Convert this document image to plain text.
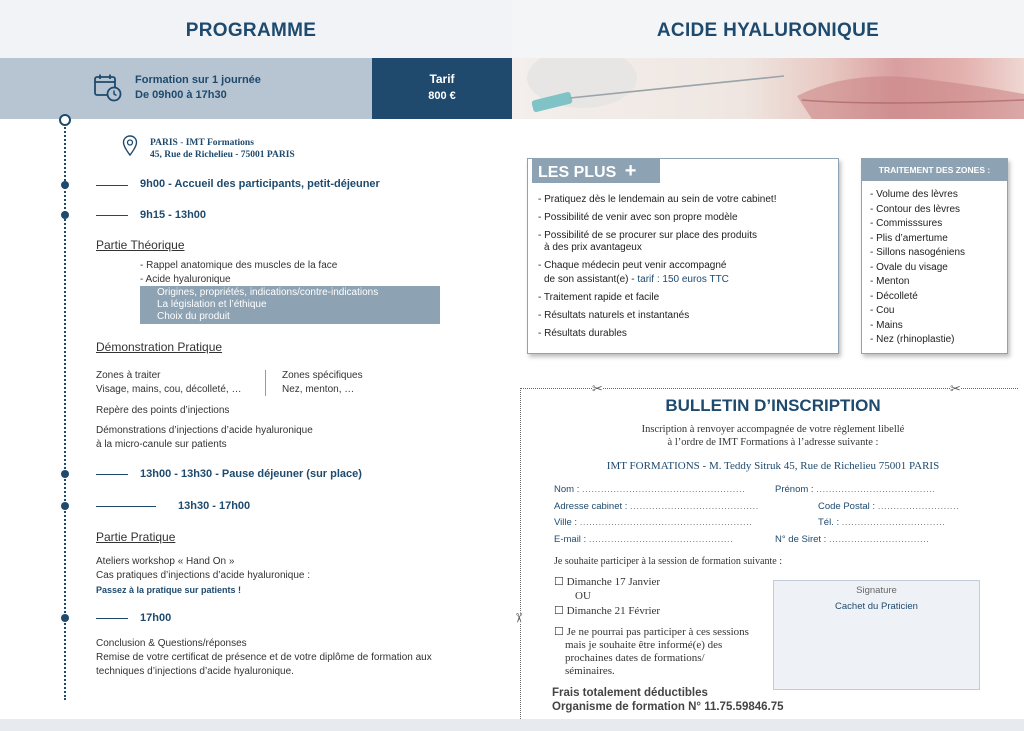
PROGRAMME	ACIDE HYALURONIQUE
Formation sur 1 journée
De 09h00 à 17h30
Tarif
800 €
PARIS - IMT Formations
45, Rue de Richelieu - 75001 PARIS
9h00 - Accueil des participants, petit-déjeuner
9h15 - 13h00
Partie Théorique
- Rappel anatomique des muscles de la face
- Acide hyaluronique
Origines, propriétés, indications/contre-indications
La législation et l’éthique
Choix du produit
Démonstration Pratique
Zones à traiter
Visage, mains, cou, décolleté, …
Zones spécifiques
Nez, menton, …
Repère des points d’injections
Démonstrations d’injections d’acide hyaluronique
à la micro-canule sur patients
13h00 - 13h30 - Pause déjeuner (sur place)
13h30 - 17h00
Partie Pratique
Ateliers workshop « Hand On »
Cas pratiques d’injections d’acide hyaluronique :
Passez à la pratique sur patients !
17h00
Conclusion & Questions/réponses
Remise de votre certificat de présence et de votre diplôme de formation aux
techniques d’injections d’acide hyaluronique.
LES PLUS +
- Pratiquez dès le lendemain au sein de votre cabinet!
- Possibilité de venir avec son propre modèle
- Possibilité de se procurer sur place des produits
à des prix avantageux
- Chaque médecin peut venir accompagné
de son assistant(e) - tarif : 150 euros TTC
- Traitement rapide et facile
- Résultats naturels et instantanés
- Résultats durables
TRAITEMENT DES ZONES :
- Volume des lèvres
- Contour des lèvres
- Commisssures
- Plis d’amertume
- Sillons nasogéniens
- Ovale du visage
- Menton
- Décolleté
- Cou
- Mains
- Nez (rhinoplastie)
✂	✂
✂
BULLETIN D’INSCRIPTION
Inscription à renvoyer accompagnée de votre règlement libellé
à l’ordre de IMT Formations à l’adresse suivante :
IMT FORMATIONS - M. Teddy Sitruk 45, Rue de Richelieu 75001 PARIS
Nom : ....................................................	Prénom : ......................................
Adresse cabinet : .........................................	Code Postal : ..........................
Ville : .......................................................	Tél. : .................................
E-mail : ..............................................	N° de Siret : ................................
Je souhaite participer à la session de formation suivante :
☐ Dimanche 17 Janvier
OU
☐ Dimanche 21 Février
☐ Je ne pourrai pas participer à ces sessions
mais je souhaite être informé(e) des
prochaines dates de formations/
séminaires.
Frais totalement déductibles
Organisme de formation N° 11.75.59846.75
Signature
Cachet du Praticien
